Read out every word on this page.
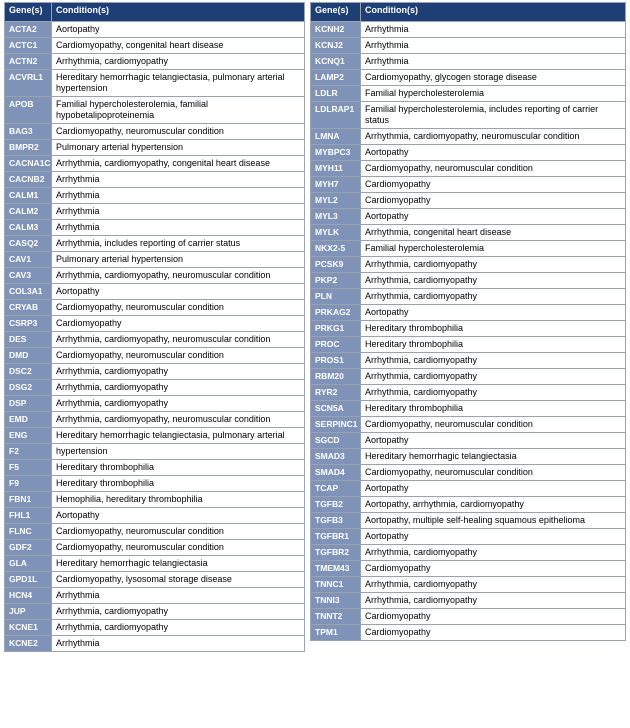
Gene(s)	Condition(s)
ACTA2	Aortopathy
ACTC1	Cardiomyopathy, congenital heart disease
ACTN2	Arrhythmia, cardiomyopathy
ACVRL1	Hereditary hemorrhagic telangiectasia, pulmonary arterial hypertension
APOB	Familial hypercholesterolemia, familial hypobetalipoproteinemia
BAG3	Cardiomyopathy, neuromuscular condition
BMPR2	Pulmonary arterial hypertension
CACNA1C	Arrhythmia, cardiomyopathy, congenital heart disease
CACNB2	Arrhythmia
CALM1	Arrhythmia
CALM2	Arrhythmia
CALM3	Arrhythmia
CASQ2	Arrhythmia, includes reporting of carrier status
CAV1	Pulmonary arterial hypertension
CAV3	Arrhythmia, cardiomyopathy, neuromuscular condition
COL3A1	Aortopathy
CRYAB	Cardiomyopathy, neuromuscular condition
CSRP3	Cardiomyopathy
DES	Arrhythmia, cardiomyopathy, neuromuscular condition
DMD	Cardiomyopathy, neuromuscular condition
DSC2	Arrhythmia, cardiomyopathy
DSG2	Arrhythmia, cardiomyopathy
DSP	Arrhythmia, cardiomyopathy
EMD	Arrhythmia, cardiomyopathy, neuromuscular condition
ENG	Hereditary hemorrhagic telangiectasia, pulmonary arterial
F2	hypertension
F5	Hereditary thrombophilia
F9	Hereditary thrombophilia
FBN1	Hemophilia, hereditary thrombophilia
FHL1	Aortopathy
FLNC	Cardiomyopathy, neuromuscular condition
GDF2	Cardiomyopathy, neuromuscular condition
GLA	Hereditary hemorrhagic telangiectasia
GPD1L	Cardiomyopathy, lysosomal storage disease
HCN4	Arrhythmia
JUP	Arrhythmia, cardiomyopathy
KCNE1	Arrhythmia, cardiomyopathy
KCNE2	Arrhythmia
Gene(s)	Condition(s)
KCNH2	Arrhythmia
KCNJ2	Arrhythmia
KCNQ1	Arrhythmia
LAMP2	Cardiomyopathy, glycogen storage disease
LDLR	Familial hypercholesterolemia
LDLRAP1	Familial hypercholesterolemia, includes reporting of carrier status
LMNA	Arrhythmia, cardiomyopathy, neuromuscular condition
MYBPC3	Aortopathy
MYH11	Cardiomyopathy, neuromuscular condition
MYH7	Cardiomyopathy
MYL2	Cardiomyopathy
MYL3	Aortopathy
MYLK	Arrhythmia, congenital heart disease
NKX2-5	Familial hypercholesterolemia
PCSK9	Arrhythmia, cardiomyopathy
PKP2	Arrhythmia, cardiomyopathy
PLN	Arrhythmia, cardiomyopathy
PRKAG2	Aortopathy
PRKG1	Hereditary thrombophilia
PROC	Hereditary thrombophilia
PROS1	Arrhythmia, cardiomyopathy
RBM20	Arrhythmia, cardiomyopathy
RYR2	Arrhythmia, cardiomyopathy
SCN5A	Hereditary thrombophilia
SERPINC1	Cardiomyopathy, neuromuscular condition
SGCD	Aortopathy
SMAD3	Hereditary hemorrhagic telangiectasia
SMAD4	Cardiomyopathy, neuromuscular condition
TCAP	Aortopathy
TGFB2	Aortopathy, arrhythmia, cardiomyopathy
TGFB3	Aortopathy, multiple self-healing squamous epithelioma
TGFBR1	Aortopathy
TGFBR2	Arrhythmia, cardiomyopathy
TMEM43	Cardiomyopathy
TNNC1	Arrhythmia, cardiomyopathy
TNNI3	Arrhythmia, cardiomyopathy
TNNT2	Cardiomyopathy
TPM1	Cardiomyopathy
